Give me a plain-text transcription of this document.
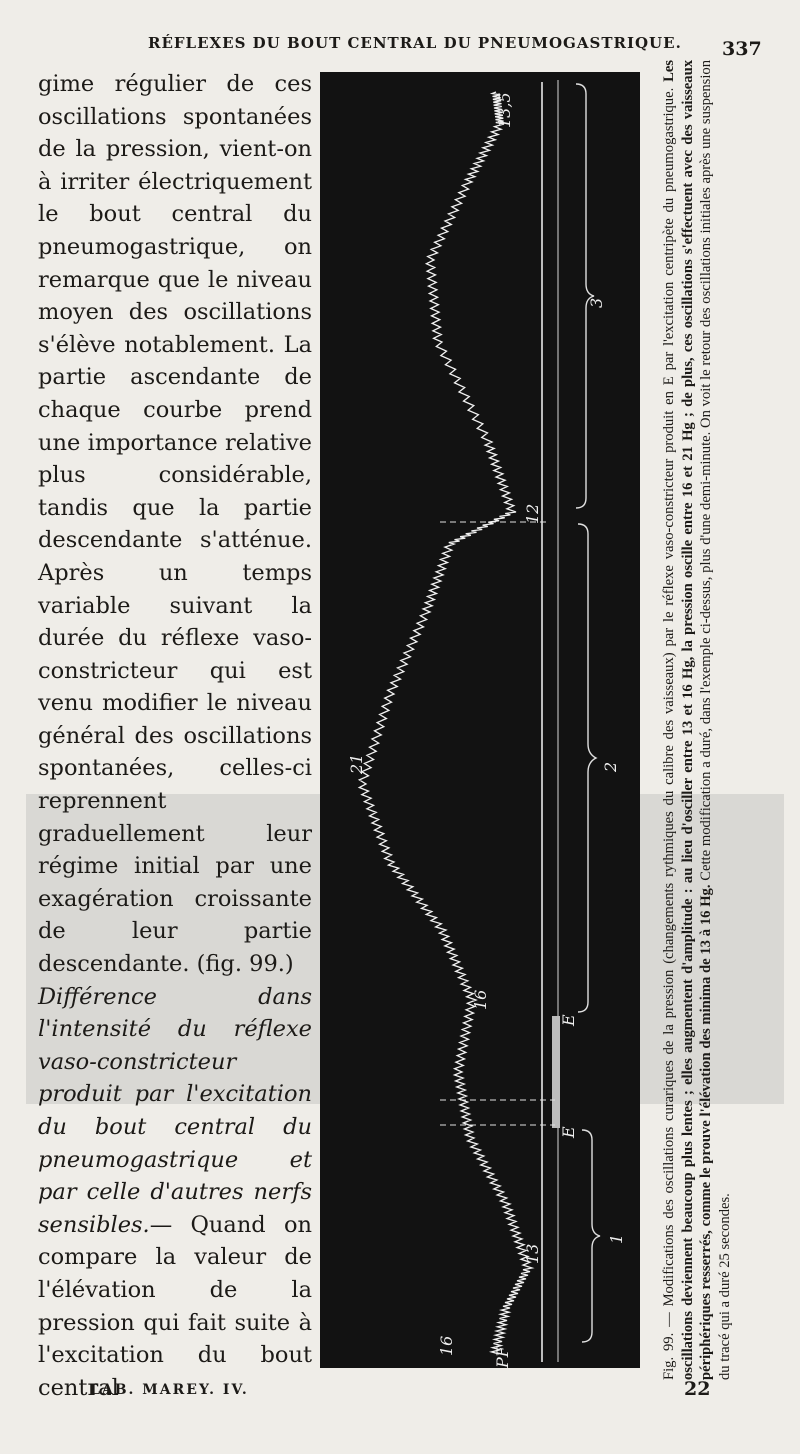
RÉFLEXES DU BOUT CENTRAL DU PNEUMOGASTRIQUE. 337

gime régulier de ces oscillations spontanées de la pression, vient-on à irriter électriquement le bout central du pneumogastrique, on remarque que le niveau moyen des oscillations s'élève notablement. La partie ascendante de chaque courbe prend une importance relative plus considérable, tandis que la partie descendante s'atténue. Après un temps variable suivant la durée du réflexe vaso-constricteur qui est venu modifier le niveau général des oscillations spontanées, celles-ci reprennent graduellement leur régime initial par une exagération croissante de leur partie descendante. (fig. 99.)

Différence dans l'intensité du réflexe vaso-constricteur produit par l'excitation du bout central du pneumogastrique et par celle d'autres nerfs sensibles.— Quand on compare la valeur de l'élévation de la pression qui fait suite à l'excitation du bout central

16
PF
13
16
21
12
13,5
E
E
1
2
3	Fig. 99. — Modifications des oscillations curariques de la pression (changements rythmiques du calibre des vaisseaux) par le réflexe vaso-constricteur produit en E par l'excitation centripète du pneumogastrique. Les oscillations deviennent beaucoup plus lentes ; elles augmentent d'amplitude : au lieu d'osciller entre 13 et 16 Hg, la pression oscille entre 16 et 21 Hg ; de plus, ces oscillations s'effectuent avec des vaisseaux périphériques resserrés, comme le prouve l'élévation des minima de 13 à 16 Hg. Cette modification a duré, dans l'exemple ci-dessus, plus d'une demi-minute. On voit le retour des oscillations initiales après une suspension du tracé qui a duré 25 secondes.
LAB. MAREY. IV.	22
